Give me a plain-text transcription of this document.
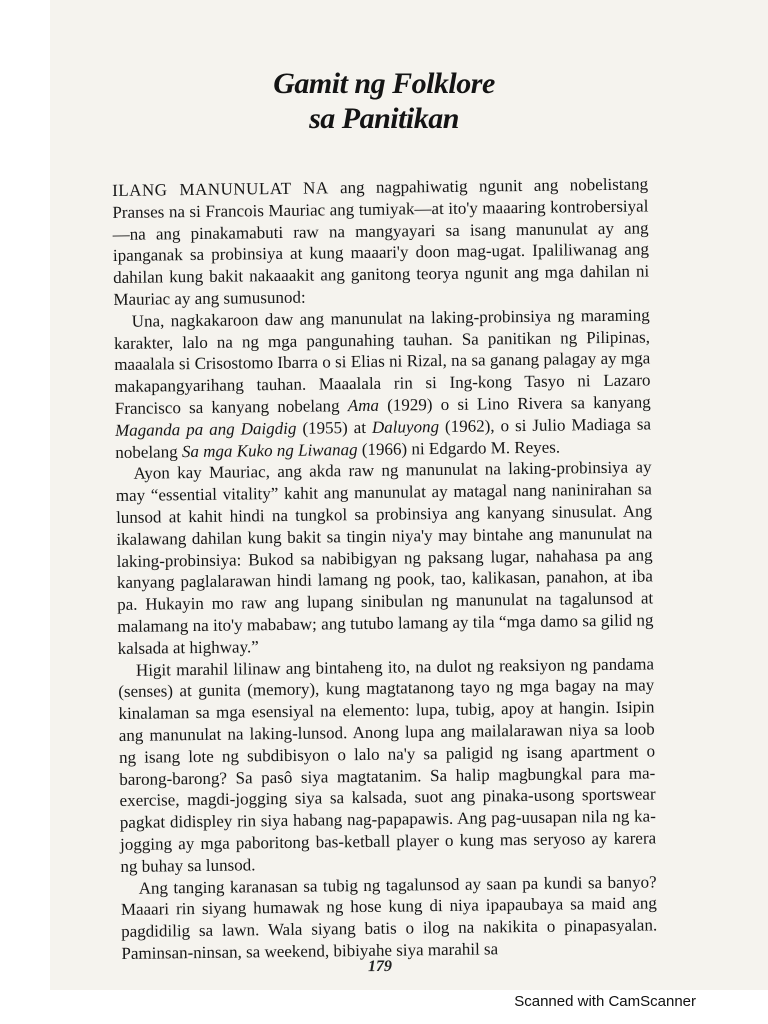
Gamit ng Folklore
sa Panitikan

ILANG MANUNULAT NA ang nagpahiwatig ngunit ang nobelistang Pranses na si Francois Mauriac ang tumiyak—at ito'y maaaring kontrobersiyal—na ang pinakamabuti raw na mangyayari sa isang manunulat ay ang ipanganak sa probinsiya at kung maaari'y doon mag-ugat. Ipaliliwanag ang dahilan kung bakit nakaaakit ang ganitong teorya ngunit ang mga dahilan ni Mauriac ay ang sumusunod:

Una, nagkakaroon daw ang manunulat na laking-probinsiya ng maraming karakter, lalo na ng mga pangunahing tauhan. Sa panitikan ng Pilipinas, maaalala si Crisostomo Ibarra o si Elias ni Rizal, na sa ganang palagay ay mga makapangyarihang tauhan. Maaalala rin si Ing-kong Tasyo ni Lazaro Francisco sa kanyang nobelang Ama (1929) o si Lino Rivera sa kanyang Maganda pa ang Daigdig (1955) at Daluyong (1962), o si Julio Madiaga sa nobelang Sa mga Kuko ng Liwanag (1966) ni Edgardo M. Reyes.

Ayon kay Mauriac, ang akda raw ng manunulat na laking-probinsiya ay may “essential vitality” kahit ang manunulat ay matagal nang naninirahan sa lunsod at kahit hindi na tungkol sa probinsiya ang kanyang sinusulat. Ang ikalawang dahilan kung bakit sa tingin niya'y may bintahe ang manunulat na laking-probinsiya: Bukod sa nabibigyan ng paksang lugar, nahahasa pa ang kanyang paglalarawan hindi lamang ng pook, tao, kalikasan, panahon, at iba pa. Hukayin mo raw ang lupang sinibulan ng manunulat na tagalunsod at malamang na ito'y mababaw; ang tutubo lamang ay tila “mga damo sa gilid ng kalsada at highway.”

Higit marahil lilinaw ang bintaheng ito, na dulot ng reaksiyon ng pandama (senses) at gunita (memory), kung magtatanong tayo ng mga bagay na may kinalaman sa mga esensiyal na elemento: lupa, tubig, apoy at hangin. Isipin ang manunulat na laking-lunsod. Anong lupa ang mailalarawan niya sa loob ng isang lote ng subdibisyon o lalo na'y sa paligid ng isang apartment o barong-barong? Sa pasô siya magtatanim. Sa halip magbungkal para ma-exercise, magdi-jogging siya sa kalsada, suot ang pinaka-usong sportswear pagkat didispley rin siya habang nag-papapawis. Ang pag-uusapan nila ng ka-jogging ay mga paboritong bas-ketball player o kung mas seryoso ay karera ng buhay sa lunsod.

Ang tanging karanasan sa tubig ng tagalunsod ay saan pa kundi sa banyo? Maaari rin siyang humawak ng hose kung di niya ipapaubaya sa maid ang pagdidilig sa lawn. Wala siyang batis o ilog na nakikita o pinapasyalan. Paminsan-ninsan, sa weekend, bibiyahe siya marahil sa

179
Scanned with CamScanner
